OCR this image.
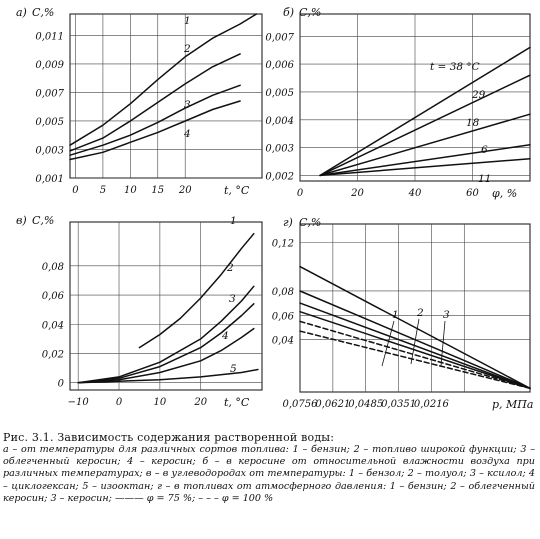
а) С,%
0 5 10 15 20
0,001
0,003
0,005
0,007
0,009
0,011
t, °C
1
2
3
4
б) С,%
0	20	40	60
0,002
0,003
0,004
0,005
0,006
0,007
φ, %
t = 38 °C
29
18
6
11
в) С,%
−10	0	10	20
0
0,02
0,04
0,06
0,08
t, °C
1
2
3
4
5
г) С,%
0,0756
0,0621
0,0485
0,0351
0,0216
0,04
0,06
0,08
0,12
p, МПа
1 2 3
Рис. 3.1. Зависимость содержания растворенной воды:
а – от температуры для различных сортов топлива: 1 – бензин; 2 – топливо широкой функции; 3 – облегченный керосин; 4 – керосин; б – в керосине от относительной влажности воздуха при различных температурах; в – в углеводородах от температуры: 1 – бензол; 2 – толуол; 3 – ксилол; 4 – циклогексан; 5 – изооктан; г – в топливах от атмосферного давления: 1 – бензин; 2 – облегченный керосин; 3 – керосин; ——— φ = 75 %; – – – φ = 100 %
